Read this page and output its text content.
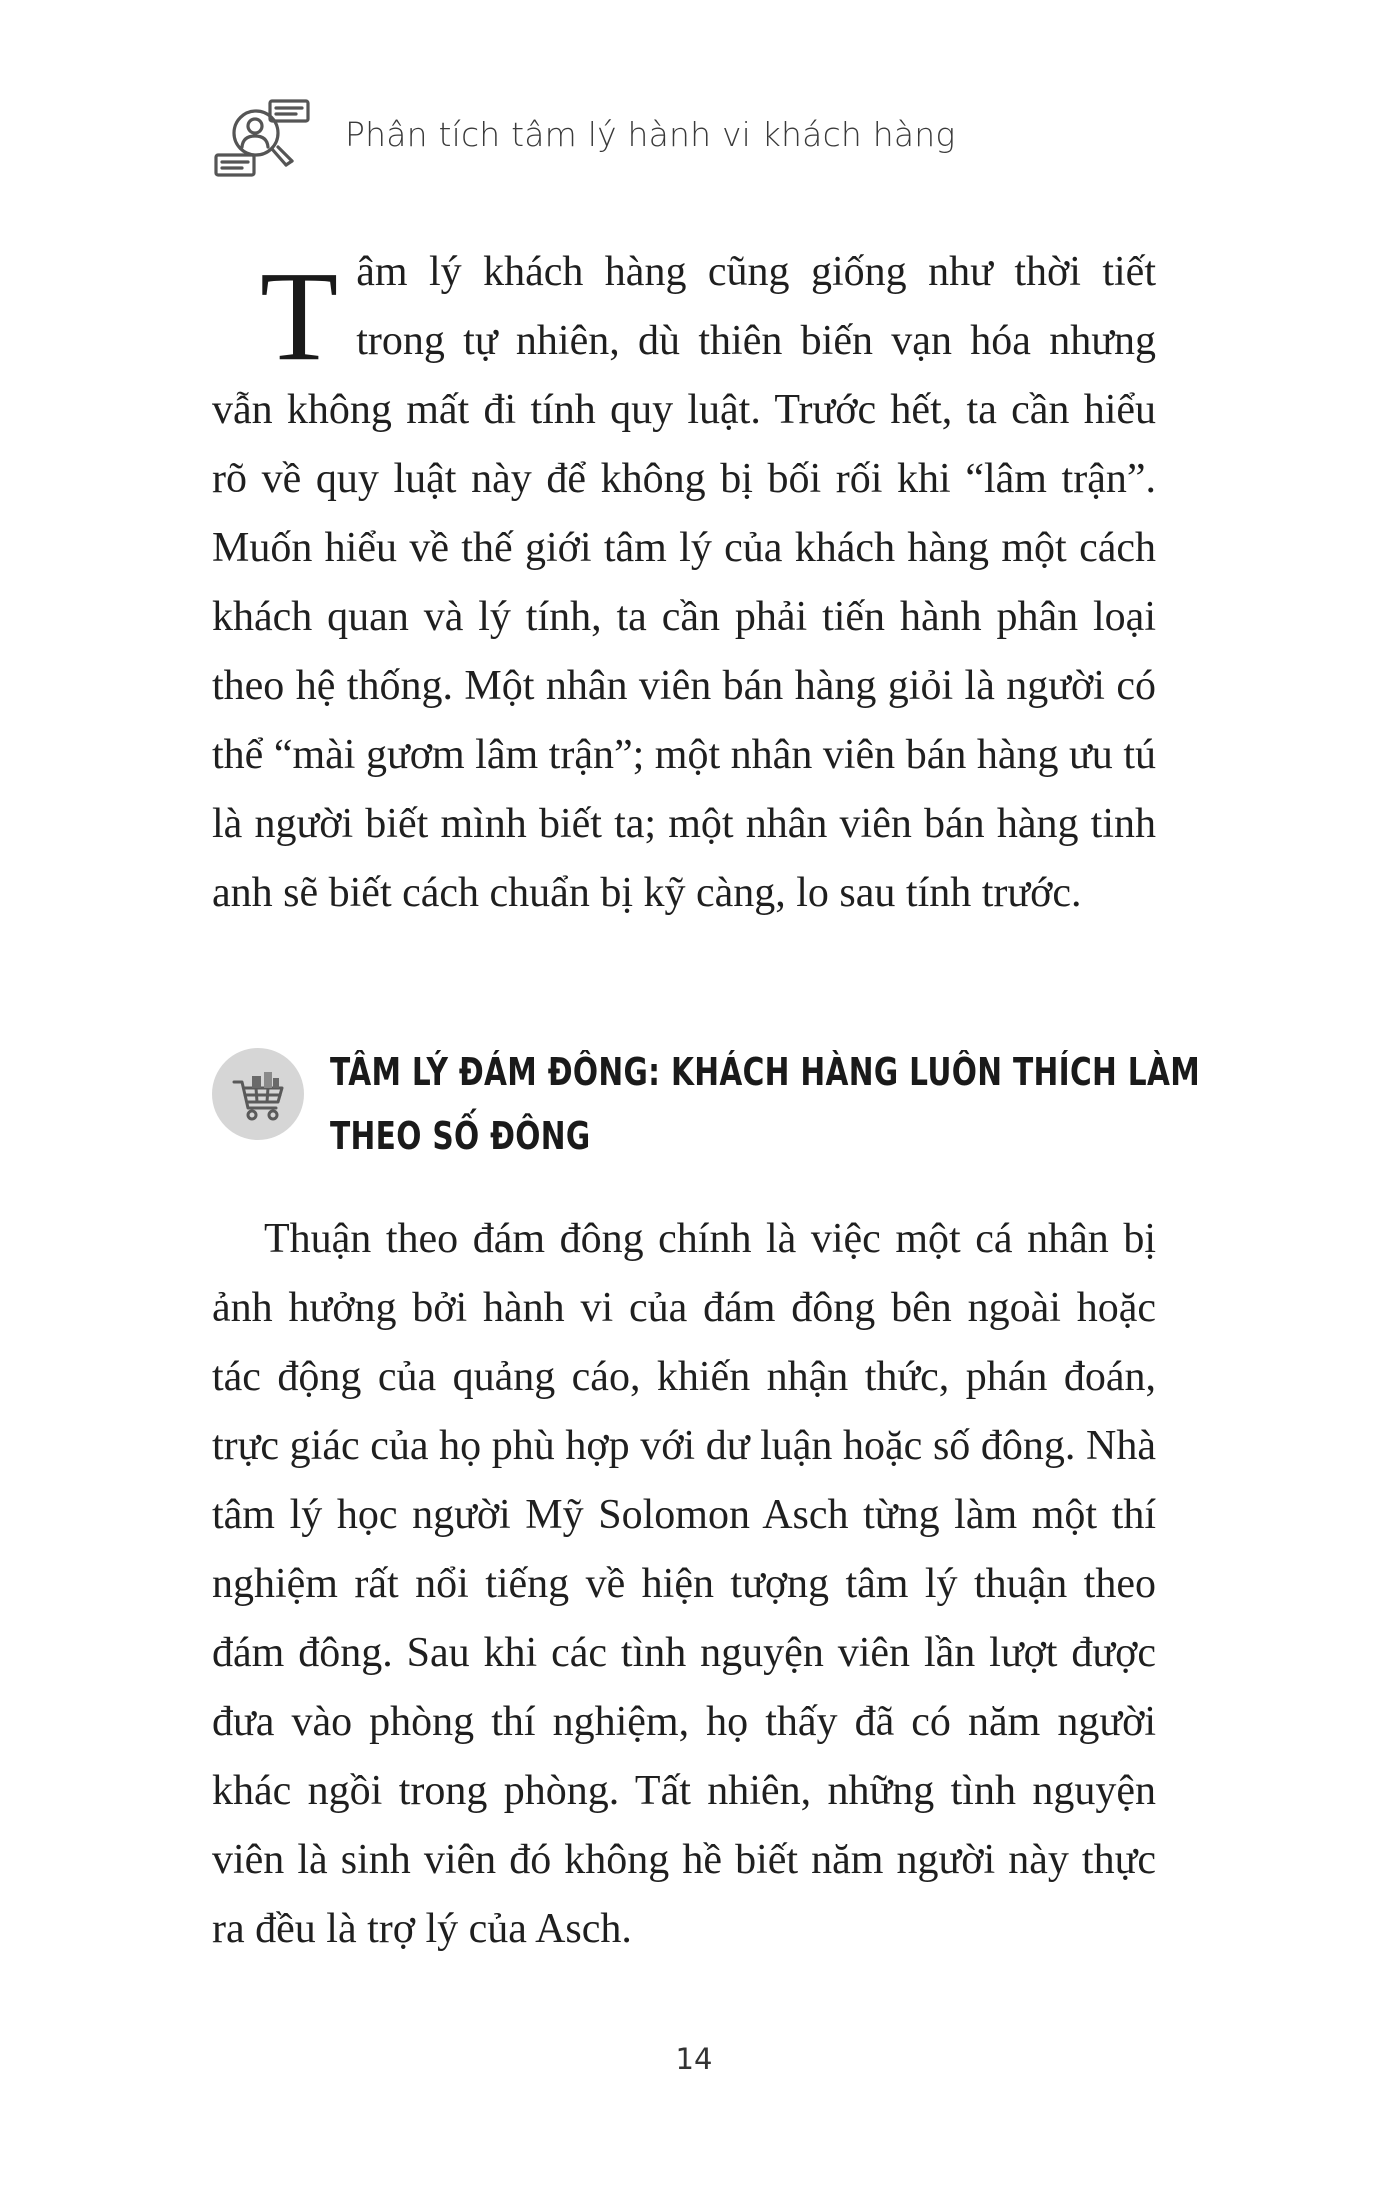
Phân tích tâm lý hành vi khách hàng

Tâm lý khách hàng cũng giống như thời tiết trong tự nhiên, dù thiên biến vạn hóa nhưng vẫn không mất đi tính quy luật. Trước hết, ta cần hiểu rõ về quy luật này để không bị bối rối khi “lâm trận”. Muốn hiểu về thế giới tâm lý của khách hàng một cách khách quan và lý tính, ta cần phải tiến hành phân loại theo hệ thống. Một nhân viên bán hàng giỏi là người có thể “mài gươm lâm trận”; một nhân viên bán hàng ưu tú là người biết mình biết ta; một nhân viên bán hàng tinh anh sẽ biết cách chuẩn bị kỹ càng, lo sau tính trước.

TÂM LÝ ĐÁM ĐÔNG: KHÁCH HÀNG LUÔN THÍCH LÀM
THEO SỐ ĐÔNG

Thuận theo đám đông chính là việc một cá nhân bị ảnh hưởng bởi hành vi của đám đông bên ngoài hoặc tác động của quảng cáo, khiến nhận thức, phán đoán, trực giác của họ phù hợp với dư luận hoặc số đông. Nhà tâm lý học người Mỹ Solomon Asch từng làm một thí nghiệm rất nổi tiếng về hiện tượng tâm lý thuận theo đám đông. Sau khi các tình nguyện viên lần lượt được đưa vào phòng thí nghiệm, họ thấy đã có năm người khác ngồi trong phòng. Tất nhiên, những tình nguyện viên là sinh viên đó không hề biết năm người này thực ra đều là trợ lý của Asch.

14
